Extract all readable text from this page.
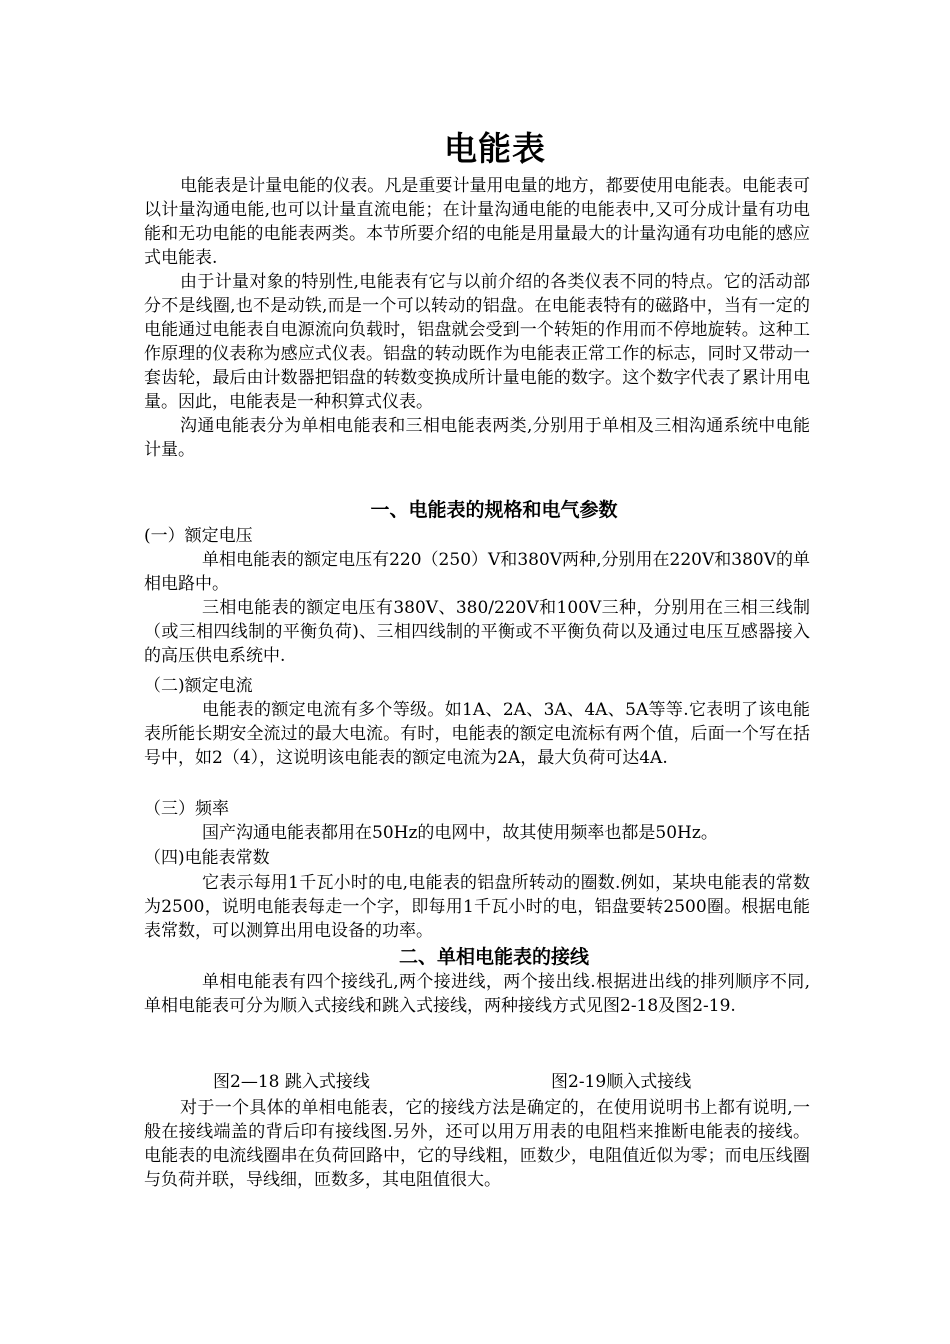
电能表

电能表是计量电能的仪表。凡是重要计量用电量的地方，都要使用电能表。电能表可以计量沟通电能,也可以计量直流电能；在计量沟通电能的电能表中,又可分成计量有功电能和无功电能的电能表两类。本节所要介绍的电能是用量最大的计量沟通有功电能的感应式电能表.

由于计量对象的特别性,电能表有它与以前介绍的各类仪表不同的特点。它的活动部分不是线圈,也不是动铁,而是一个可以转动的铝盘。在电能表特有的磁路中，当有一定的电能通过电能表自电源流向负载时，铝盘就会受到一个转矩的作用而不停地旋转。这种工作原理的仪表称为感应式仪表。铝盘的转动既作为电能表正常工作的标志，同时又带动一套齿轮，最后由计数器把铝盘的转数变换成所计量电能的数字。这个数字代表了累计用电量。因此，电能表是一种积算式仪表。

沟通电能表分为单相电能表和三相电能表两类,分别用于单相及三相沟通系统中电能计量。

一、电能表的规格和电气参数

(一）额定电压

单相电能表的额定电压有220（250）V和380V两种,分别用在220V和380V的单相电路中。

三相电能表的额定电压有380V、380/220V和100V三种，分别用在三相三线制（或三相四线制的平衡负荷)、三相四线制的平衡或不平衡负荷以及通过电压互感器接入的高压供电系统中.

（二)额定电流

电能表的额定电流有多个等级。如1A、2A、3A、4A、5A等等.它表明了该电能表所能长期安全流过的最大电流。有时，电能表的额定电流标有两个值，后面一个写在括号中，如2（4），这说明该电能表的额定电流为2A，最大负荷可达4A.

（三）频率

国产沟通电能表都用在50Hz的电网中，故其使用频率也都是50Hz。

（四)电能表常数

它表示每用1千瓦小时的电,电能表的铝盘所转动的圈数.例如，某块电能表的常数为2500，说明电能表每走一个字，即每用1千瓦小时的电，铝盘要转2500圈。根据电能表常数，可以测算出用电设备的功率。

二、单相电能表的接线

单相电能表有四个接线孔,两个接进线，两个接出线.根据进出线的排列顺序不同,单相电能表可分为顺入式接线和跳入式接线，两种接线方式见图2-18及图2-19.

图2—18 跳入式接线	图2-19顺入式接线

对于一个具体的单相电能表，它的接线方法是确定的，在使用说明书上都有说明,一般在接线端盖的背后印有接线图.另外，还可以用万用表的电阻档来推断电能表的接线。电能表的电流线圈串在负荷回路中，它的导线粗，匝数少，电阻值近似为零；而电压线圈与负荷并联，导线细，匝数多，其电阻值很大。
